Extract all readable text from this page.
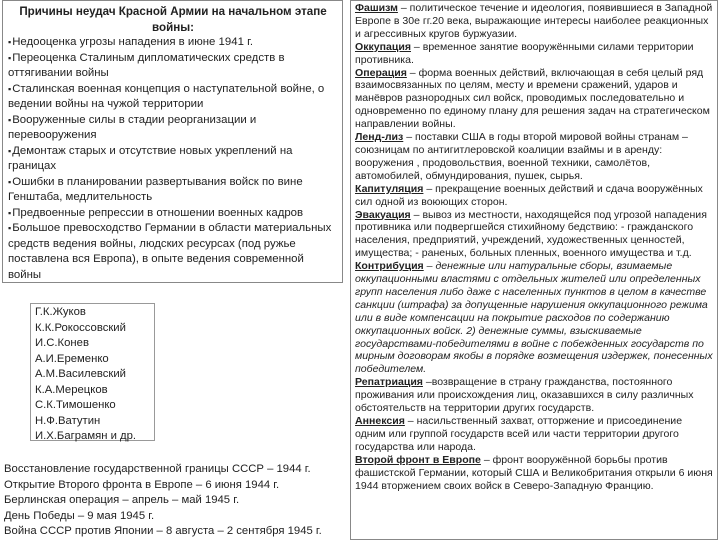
Причины неудач Красной Армии на начальном этапе войны:

▪Недооценка угрозы нападения в июне 1941 г.
▪Переоценка Сталиным дипломатических средств в оттягивании войны
▪Сталинская военная концепция о наступательной войне, о ведении войны на чужой территории
▪Вооруженные силы в стадии реорганизации и перевооружения
▪Демонтаж старых и отсутствие новых укреплений на границах
▪Ошибки в планировании развертывания войск по вине Генштаба, медлительность
▪Предвоенные репрессии в отношении военных кадров
▪Большое превосходство Германии в области материальных средств ведения войны, людских ресурсах (под ружье поставлена вся Европа), в опыте ведения современной войны
Г.К.Жуков
К.К.Рокоссовский
И.С.Конев
А.И.Еременко
А.М.Василевский
К.А.Мерецков
С.К.Тимошенко
Н.Ф.Ватутин
И.Х.Баграмян и др.
Восстановление государственной границы СССР – 1944 г.
Открытие Второго фронта в Европе – 6 июня 1944 г.
Берлинская операция – апрель – май 1945 г.
День Победы – 9 мая 1945 г.
Война СССР против Японии – 8 августа – 2 сентября 1945 г.

Фашизм – политическое течение и идеология, появившиеся в Западной Европе в 30е гг.20 века, выражающие интересы наиболее реакционных и агрессивных кругов буржуазии.

Оккупация – временное занятие вооружёнными силами территории противника.

Операция – форма военных действий, включающая в себя целый ряд взаимосвязанных по целям, месту и времени сражений, ударов и манёвров разнородных сил войск, проводимых последовательно и одновременно по единому плану для решения задач на стратегическом направлении войны.

Ленд-лиз – поставки США в годы второй мировой войны странам – союзницам по антигитлеровской коалиции взаймы и в аренду: вооружения , продовольствия, военной техники, самолётов, автомобилей, обмундирования, пушек, сырья.

Капитуляция – прекращение военных действий и сдача вооружённых сил одной из воюющих сторон.

Эвакуация – вывоз из местности, находящейся под угрозой нападения противника или подвергшейся стихийному бедствию: - гражданского населения, предприятий, учреждений, художественных ценностей, имущества; - раненых, больных пленных, военного имущества и т.д.

Контрибуция – денежные или натуральные сборы, взимаемые оккупационными властями с отдельных жителей или определенных групп населения либо даже с населенных пунктов в целом в качестве санкции (штрафа) за допущенные нарушения оккупационного режима или в виде компенсации на покрытие расходов по содержанию оккупационных войск. 2) денежные суммы, взыскиваемые государствами-победителями в войне с побежденных государств по мирным договорам якобы в порядке возмещения издержек, понесенных победителем.

Репатриация –возвращение в страну гражданства, постоянного проживания или происхождения лиц, оказавшихся в силу различных обстоятельств на территории других государств.

Аннексия – насильственный захват, отторжение и присоединение одним или группой государств всей или части территории другого государства или народа.

Второй фронт в Европе – фронт вооружённой борьбы против фашистской Германии, который США и Великобритания открыли 6 июня 1944 вторжением своих войск в Северо-Западную Францию.
